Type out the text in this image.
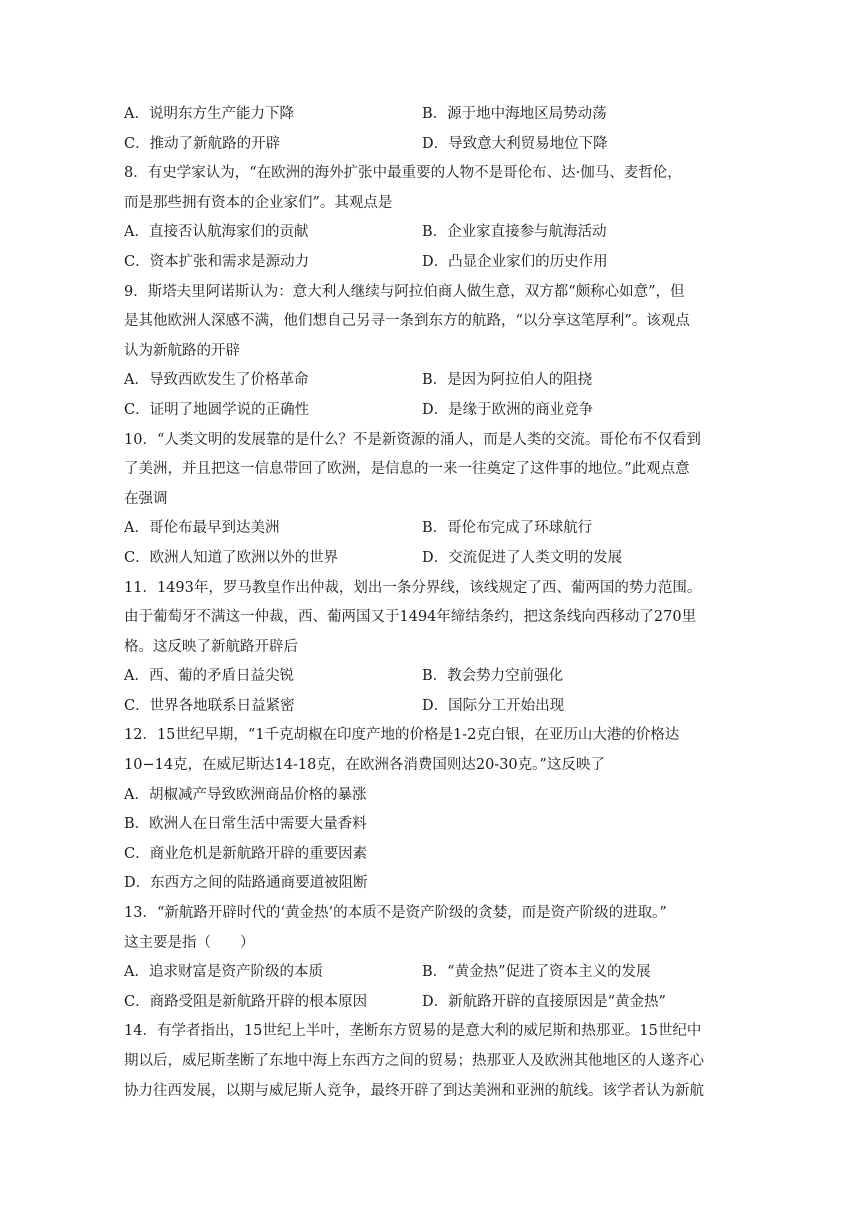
A．说明东方生产能力下降	B．源于地中海地区局势动荡
C．推动了新航路的开辟	D．导致意大利贸易地位下降
8．有史学家认为，“在欧洲的海外扩张中最重要的人物不是哥伦布、达·伽马、麦哲伦，
而是那些拥有资本的企业家们”。其观点是
A．直接否认航海家们的贡献	B．企业家直接参与航海活动
C．资本扩张和需求是源动力	D．凸显企业家们的历史作用
9．斯塔夫里阿诺斯认为：意大利人继续与阿拉伯商人做生意，双方都“颇称心如意”，但
是其他欧洲人深感不满，他们想自己另寻一条到东方的航路，“以分享这笔厚利”。该观点
认为新航路的开辟
A．导致西欧发生了价格革命	B．是因为阿拉伯人的阻挠
C．证明了地圆学说的正确性	D．是缘于欧洲的商业竞争
10．“人类文明的发展靠的是什么？不是新资源的涌人，而是人类的交流。哥伦布不仅看到
了美洲，并且把这一信息带回了欧洲，是信息的一来一往奠定了这件事的地位。”此观点意
在强调
A．哥伦布最早到达美洲	B．哥伦布完成了环球航行
C．欧洲人知道了欧洲以外的世界	D．交流促进了人类文明的发展
11．1493年，罗马教皇作出仲裁，划出一条分界线，该线规定了西、葡两国的势力范围。
由于葡萄牙不满这一仲裁，西、葡两国又于1494年缔结条约，把这条线向西移动了270里
格。这反映了新航路开辟后
A．西、葡的矛盾日益尖锐	B．教会势力空前强化
C．世界各地联系日益紧密	D．国际分工开始出现
12．15世纪早期，“1千克胡椒在印度产地的价格是1-2克白银，在亚历山大港的价格达
10−14克，在威尼斯达14-18克，在欧洲各消费国则达20-30克。”这反映了
A．胡椒减产导致欧洲商品价格的暴涨
B．欧洲人在日常生活中需要大量香料
C．商业危机是新航路开辟的重要因素
D．东西方之间的陆路通商要道被阻断
13．“新航路开辟时代的‘黄金热’的本质不是资产阶级的贪婪，而是资产阶级的进取。”
这主要是指（　　）
A．追求财富是资产阶级的本质	B．“黄金热”促进了资本主义的发展
C．商路受阻是新航路开辟的根本原因	D．新航路开辟的直接原因是“黄金热”
14．有学者指出，15世纪上半叶，垄断东方贸易的是意大利的威尼斯和热那亚。15世纪中
期以后，威尼斯垄断了东地中海上东西方之间的贸易；热那亚人及欧洲其他地区的人遂齐心
协力往西发展，以期与威尼斯人竞争，最终开辟了到达美洲和亚洲的航线。该学者认为新航
